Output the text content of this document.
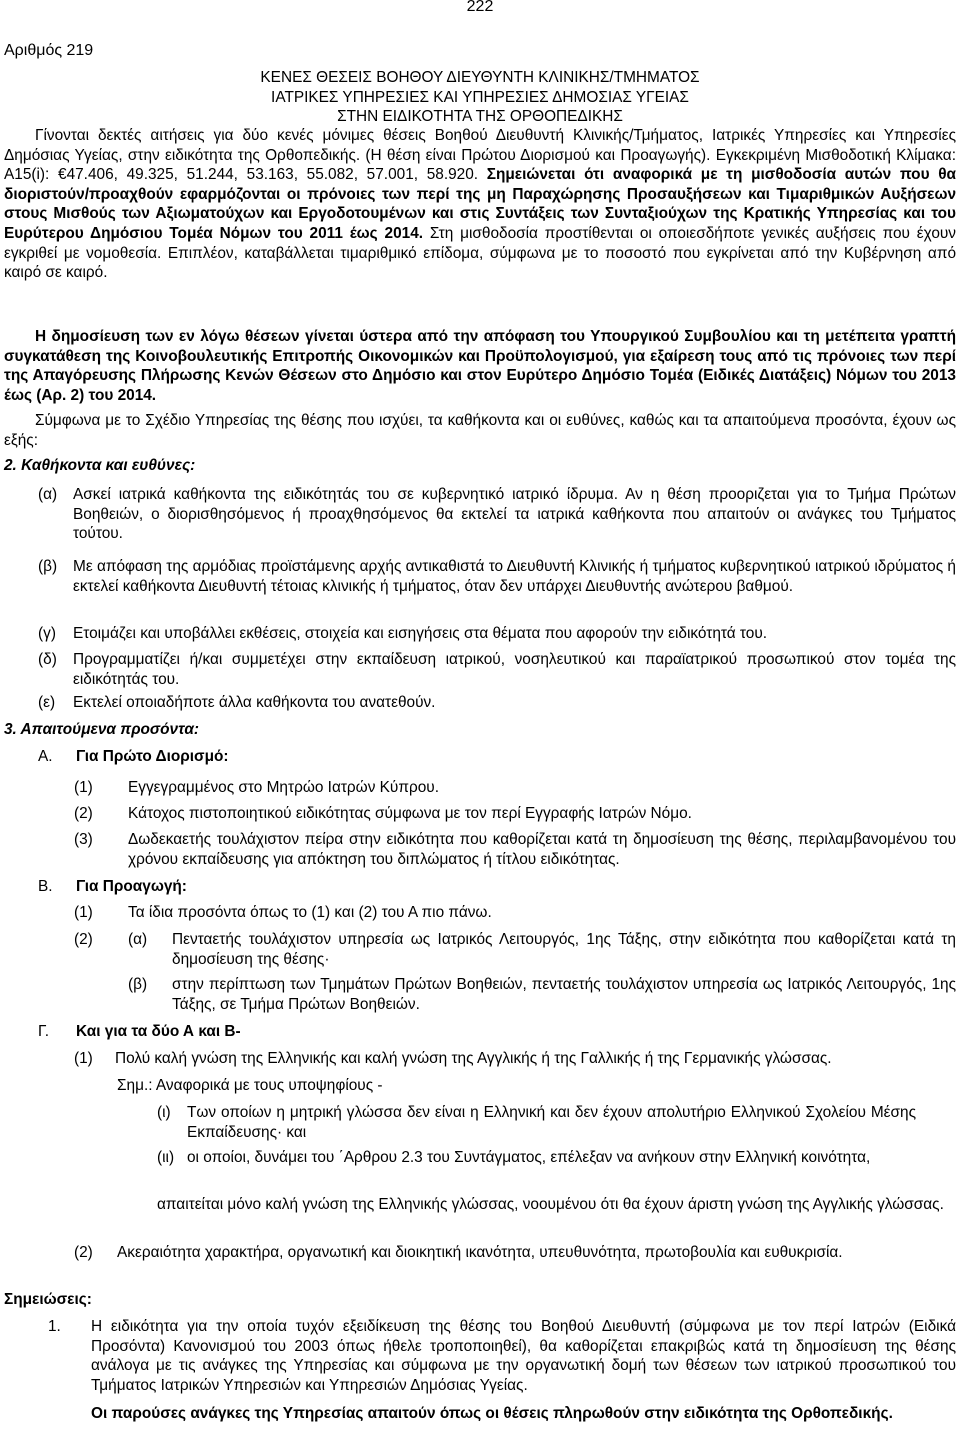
222
Αριθμός 219
ΚΕΝΕΣ ΘΕΣΕΙΣ ΒΟΗΘΟΥ ΔΙΕΥΘΥΝΤΗ ΚΛΙΝΙΚΗΣ/ΤΜΗΜΑΤΟΣ
ΙΑΤΡΙΚΕΣ ΥΠΗΡΕΣΙΕΣ ΚΑΙ ΥΠΗΡΕΣΙΕΣ ΔΗΜΟΣΙΑΣ ΥΓΕΙΑΣ
ΣΤΗΝ ΕΙΔΙΚΟΤΗΤΑ ΤΗΣ ΟΡΘΟΠΕΔΙΚΗΣ
Γίνονται δεκτές αιτήσεις για δύο κενές μόνιμες θέσεις Βοηθού Διευθυντή Κλινικής/Τμήματος, Ιατρικές Υπηρεσίες και Υπηρεσίες Δημόσιας Υγείας, στην ειδικότητα της Ορθοπεδικής. (Η θέση είναι Πρώτου Διορισμού και Προαγωγής). Εγκεκριμένη Μισθοδοτική Κλίμακα: Α15(i): €47.406, 49.325, 51.244, 53.163, 55.082, 57.001, 58.920. Σημειώνεται ότι αναφορικά με τη μισθοδοσία αυτών που θα διοριστούν/προαχθούν εφαρμόζονται οι πρόνοιες των περί της μη Παραχώρησης Προσαυξήσεων και Τιμαριθμικών Αυξήσεων στους Μισθούς των Αξιωματούχων και Εργοδοτουμένων και στις Συντάξεις των Συνταξιούχων της Κρατικής Υπηρεσίας και του Ευρύτερου Δημόσιου Τομέα Νόμων του 2011 έως 2014. Στη μισθοδοσία προστίθενται οι οποιεσδήποτε γενικές αυξήσεις που έχουν εγκριθεί με νομοθεσία. Επιπλέον, καταβάλλεται τιμαριθμικό επίδομα, σύμφωνα με το ποσοστό που εγκρίνεται από την Κυβέρνηση από καιρό σε καιρό.
Η δημοσίευση των εν λόγω θέσεων γίνεται ύστερα από την απόφαση του Υπουργικού Συμβουλίου και τη μετέπειτα γραπτή συγκατάθεση της Κοινοβουλευτικής Επιτροπής Οικονομικών και Προϋπολογισμού, για εξαίρεση τους από τις πρόνοιες των περί της Απαγόρευσης Πλήρωσης Κενών Θέσεων στο Δημόσιο και στον Ευρύτερο Δημόσιο Τομέα (Ειδικές Διατάξεις) Νόμων του 2013 έως (Αρ. 2) του 2014.
Σύμφωνα με το Σχέδιο Υπηρεσίας της θέσης που ισχύει, τα καθήκοντα και οι ευθύνες, καθώς και τα απαιτούμενα προσόντα, έχουν ως εξής:
2. Καθήκοντα και ευθύνες:
(α) Ασκεί ιατρικά καθήκοντα της ειδικότητάς του σε κυβερνητικό ιατρικό ίδρυμα. Αν η θέση προοριζεται για το Τμήμα Πρώτων Βοηθειών, ο διορισθησόμενος ή προαχθησόμενος θα εκτελεί τα ιατρικά καθήκοντα που απαιτούν οι ανάγκες του Τμήματος τούτου.
(β) Με απόφαση της αρμόδιας προϊστάμενης αρχής αντικαθιστά το Διευθυντή Κλινικής ή τμήματος κυβερνητικού ιατρικού ιδρύματος ή εκτελεί καθήκοντα Διευθυντή τέτοιας κλινικής ή τμήματος, όταν δεν υπάρχει Διευθυντής ανώτερου βαθμού.
(γ) Ετοιμάζει και υποβάλλει εκθέσεις, στοιχεία και εισηγήσεις στα θέματα που αφορούν την ειδικότητά του.
(δ) Προγραμματίζει ή/και συμμετέχει στην εκπαίδευση ιατρικού, νοσηλευτικού και παραϊατρικού προσωπικού στον τομέα της ειδικότητάς του.
(ε) Εκτελεί οποιαδήποτε άλλα καθήκοντα του ανατεθούν.
3. Απαιτούμενα προσόντα:
Α. Για Πρώτο Διορισμό:
(1) Εγγεγραμμένος στο Μητρώο Ιατρών Κύπρου.
(2) Κάτοχος πιστοποιητικού ειδικότητας σύμφωνα με τον περί Εγγραφής Ιατρών Νόμο.
(3) Δωδεκαετής τουλάχιστον πείρα στην ειδικότητα που καθορίζεται κατά τη δημοσίευση της θέσης, περιλαμβανομένου του χρόνου εκπαίδευσης για απόκτηση του διπλώματος ή τίτλου ειδικότητας.
Β. Για Προαγωγή:
(1) Τα ίδια προσόντα όπως το (1) και (2) του Α πιο πάνω.
(2) (α) Πενταετής τουλάχιστον υπηρεσία ως Ιατρικός Λειτουργός, 1ης Τάξης, στην ειδικότητα που καθορίζεται κατά τη δημοσίευση της θέσης·
(β) στην περίπτωση των Τμημάτων Πρώτων Βοηθειών, πενταετής τουλάχιστον υπηρεσία ως Ιατρικός Λειτουργός, 1ης Τάξης, σε Τμήμα Πρώτων Βοηθειών.
Γ. Και για τα δύο Α και Β-
(1) Πολύ καλή γνώση της Ελληνικής και καλή γνώση της Αγγλικής ή της Γαλλικής ή της Γερμανικής γλώσσας.
Σημ.: Αναφορικά με τους υποψηφίους -
(ι) Των οποίων η μητρική γλώσσα δεν είναι η Ελληνική και δεν έχουν απολυτήριο Ελληνικού Σχολείου Μέσης Εκπαίδευσης· και
(ιι) οι οποίοι, δυνάμει του ΄Αρθρου 2.3 του Συντάγματος, επέλεξαν να ανήκουν στην Ελληνική κοινότητα,
απαιτείται μόνο καλή γνώση της Ελληνικής γλώσσας, νοουμένου ότι θα έχουν άριστη γνώση της Αγγλικής γλώσσας.
(2) Ακεραιότητα χαρακτήρα, οργανωτική και διοικητική ικανότητα, υπευθυνότητα, πρωτοβουλία και ευθυκρισία.
Σημειώσεις:
1. Η ειδικότητα για την οποία τυχόν εξειδίκευση της θέσης του Βοηθού Διευθυντή (σύμφωνα με τον περί Ιατρών (Ειδικά Προσόντα) Κανονισμού του 2003 όπως ήθελε τροποποιηθεί), θα καθορίζεται επακριβώς κατά τη δημοσίευση της θέσης ανάλογα με τις ανάγκες της Υπηρεσίας και σύμφωνα με την οργανωτική δομή των θέσεων των ιατρικού προσωπικού του Τμήματος Ιατρικών Υπηρεσιών και Υπηρεσιών Δημόσιας Υγείας.
Οι παρούσες ανάγκες της Υπηρεσίας απαιτούν όπως οι θέσεις πληρωθούν στην ειδικότητα της Ορθοπεδικής.
